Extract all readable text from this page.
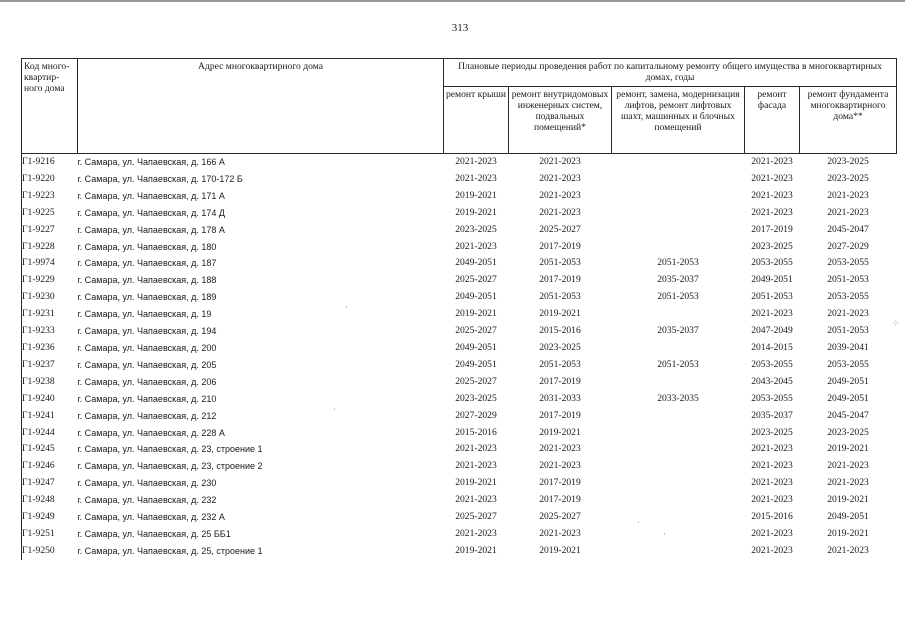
313
Код много-квартир-ного дома	Адрес многоквартирного дома	Плановые периоды проведения работ по капитальному ремонту общего имущества в многоквартирных домах, годы				
		ремонт крыши	ремонт внутридомовых инженерных систем, подвальных помещений*	ремонт, замена, модернизация лифтов, ремонт лифтовых шахт, машинных и блочных помещений	ремонт фасада	ремонт фундамента многоквартирного дома**
Г1-9216	г. Самара, ул. Чапаевская, д. 166 А	2021-2023	2021-2023		2021-2023	2023-2025
Г1-9220	г. Самара, ул. Чапаевская, д. 170-172 Б	2021-2023	2021-2023		2021-2023	2023-2025
Г1-9223	г. Самара, ул. Чапаевская, д. 171 А	2019-2021	2021-2023		2021-2023	2021-2023
Г1-9225	г. Самара, ул. Чапаевская, д. 174 Д	2019-2021	2021-2023		2021-2023	2021-2023
Г1-9227	г. Самара, ул. Чапаевская, д. 178 А	2023-2025	2025-2027		2017-2019	2045-2047
Г1-9228	г. Самара, ул. Чапаевская, д. 180	2021-2023	2017-2019		2023-2025	2027-2029
Г1-9974	г. Самара, ул. Чапаевская, д. 187	2049-2051	2051-2053	2051-2053	2053-2055	2053-2055
Г1-9229	г. Самара, ул. Чапаевская, д. 188	2025-2027	2017-2019	2035-2037	2049-2051	2051-2053
Г1-9230	г. Самара, ул. Чапаевская, д. 189	2049-2051	2051-2053	2051-2053	2051-2053	2053-2055
Г1-9231	г. Самара, ул. Чапаевская, д. 19	2019-2021	2019-2021		2021-2023	2021-2023
Г1-9233	г. Самара, ул. Чапаевская, д. 194	2025-2027	2015-2016	2035-2037	2047-2049	2051-2053
Г1-9236	г. Самара, ул. Чапаевская, д. 200	2049-2051	2023-2025		2014-2015	2039-2041
Г1-9237	г. Самара, ул. Чапаевская, д. 205	2049-2051	2051-2053	2051-2053	2053-2055	2053-2055
Г1-9238	г. Самара, ул. Чапаевская, д. 206	2025-2027	2017-2019		2043-2045	2049-2051
Г1-9240	г. Самара, ул. Чапаевская, д. 210	2023-2025	2031-2033	2033-2035	2053-2055	2049-2051
Г1-9241	г. Самара, ул. Чапаевская, д. 212	2027-2029	2017-2019		2035-2037	2045-2047
Г1-9244	г. Самара, ул. Чапаевская, д. 228 А	2015-2016	2019-2021		2023-2025	2023-2025
Г1-9245	г. Самара, ул. Чапаевская, д. 23, строение 1	2021-2023	2021-2023		2021-2023	2019-2021
Г1-9246	г. Самара, ул. Чапаевская, д. 23, строение 2	2021-2023	2021-2023		2021-2023	2021-2023
Г1-9247	г. Самара, ул. Чапаевская, д. 230	2019-2021	2017-2019		2021-2023	2021-2023
Г1-9248	г. Самара, ул. Чапаевская, д. 232	2021-2023	2017-2019		2021-2023	2019-2021
Г1-9249	г. Самара, ул. Чапаевская, д. 232 А	2025-2027	2025-2027		2015-2016	2049-2051
Г1-9251	г. Самара, ул. Чапаевская, д. 25 ББ1	2021-2023	2021-2023		2021-2023	2019-2021
Г1-9250	г. Самара, ул. Чапаевская, д. 25, строение 1	2019-2021	2019-2021		2021-2023	2021-2023
·
·
·
·
⁘
